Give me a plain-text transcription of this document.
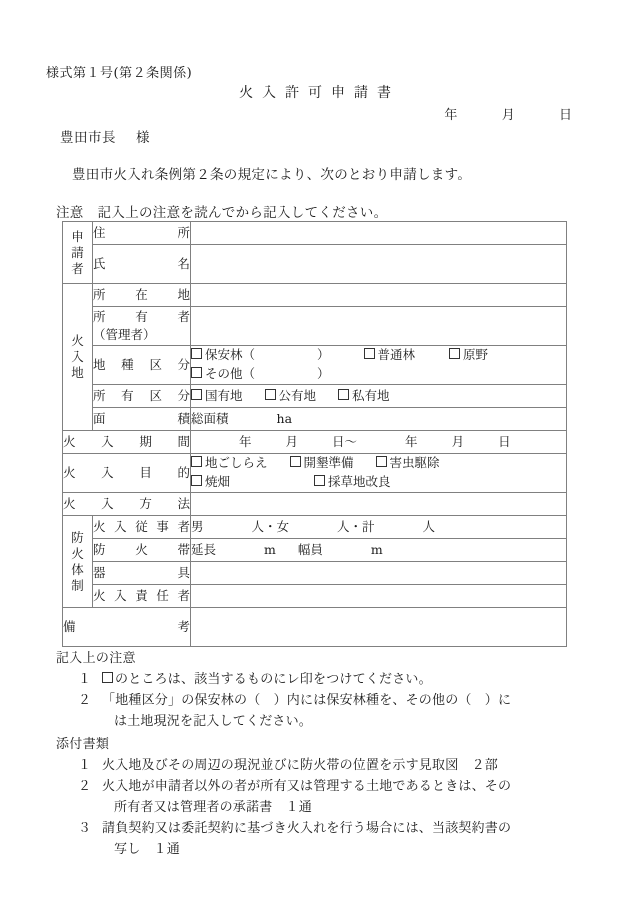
様式第１号(第２条関係)
火入許可申請書
年	月	日
豊田市長 様
豊田市火入れ条例第２条の規定により、次のとおり申請します。
注意 記入上の注意を読んでから記入してください。
申
請
者	住 所	

	氏 名	

火
入
地	所 在 地	

	所 有 者
（管理者）	

	地 種 区 分	保安林（ ） 普通林 原野
その他（ ）

	所 有 区 分	国有地 公有地 私有地

	面 積	総面積 ha

火 入 期 間		年 月 日～ 年 月 日

火 入 目 的		地ごしらえ 開墾準備 害虫駆除
焼畑 採草地改良

火 入 方 法		

防
火
体
制	火 入 従 事 者	男 人・女 人・計 人

	防 火 帯	延長 m 幅員 m

	器 具	

	火 入 責 任 者	

備 考		

記入上の注意
１	のところは、該当するものにレ印をつけてください。
２ 「地種区分」の保安林の（　）内には保安林種を、その他の（　）に
は土地現況を記入してください。
添付書類
１ 火入地及びその周辺の現況並びに防火帯の位置を示す見取図　２部
２ 火入地が申請者以外の者が所有又は管理する土地であるときは、その
所有者又は管理者の承諾書　１通
３ 請負契約又は委託契約に基づき火入れを行う場合には、当該契約書の
写し　１通
